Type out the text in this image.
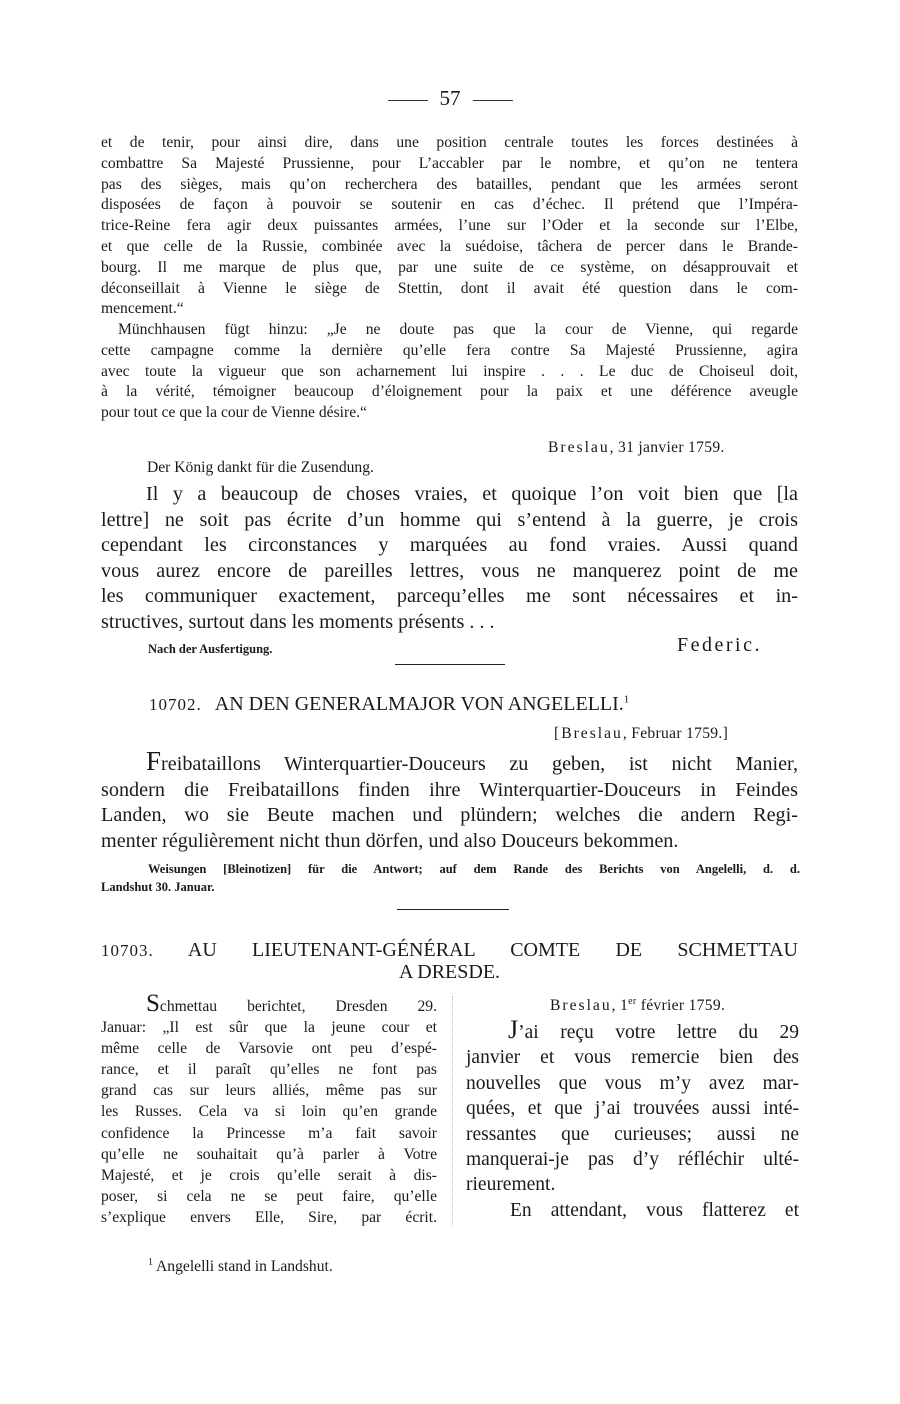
57

et de tenir, pour ainsi dire, dans une position centrale toutes les forces destinées à

combattre Sa Majesté Prussienne, pour L’accabler par le nombre, et qu’on ne tentera

pas des sièges, mais qu’on recherchera des batailles, pendant que les armées seront

disposées de façon à pouvoir se soutenir en cas d’échec. Il prétend que l’Impéra-

trice-Reine fera agir deux puissantes armées, l’une sur l’Oder et la seconde sur l’Elbe,

et que celle de la Russie, combinée avec la suédoise, tâchera de percer dans le Brande-

bourg. Il me marque de plus que, par une suite de ce système, on désapprouvait et

déconseillait à Vienne le siège de Stettin, dont il avait été question dans le com-

mencement.“

Münchhausen fügt hinzu: „Je ne doute pas que la cour de Vienne, qui regarde

cette campagne comme la dernière qu’elle fera contre Sa Majesté Prussienne, agira

avec toute la vigueur que son acharnement lui inspire . . . Le duc de Choiseul doit,

à la vérité, témoigner beaucoup d’éloignement pour la paix et une déférence aveugle

pour tout ce que la cour de Vienne désire.“

Breslau, 31 janvier 1759.

Der König dankt für die Zusendung.

Il y a beaucoup de choses vraies, et quoique l’on voit bien que [la

lettre] ne soit pas écrite d’un homme qui s’entend à la guerre, je crois

cependant les circonstances y marquées au fond vraies. Aussi quand

vous aurez encore de pareilles lettres, vous ne manquerez point de me

les communiquer exactement, parcequ’elles me sont nécessaires et in-

structives, surtout dans les moments présents . . .

Nach der Ausfertigung.	Federic.
10702. AN DEN GENERALMAJOR VON ANGELELLI.$^1$
[Breslau, Februar 1759.]

Freibataillons Winterquartier-Douceurs zu geben, ist nicht Manier,

sondern die Freibataillons finden ihre Winterquartier-Douceurs in Feindes

Landen, wo sie Beute machen und plündern; welches die andern Regi-

menter régulièrement nicht thun dörfen, und also Douceurs bekommen.

Weisungen [Bleinotizen] für die Antwort; auf dem Rande des Berichts von Angelelli, d. d.
Landshut 30. Januar.

10703. AU LIEUTENANT-GÉNÉRAL COMTE DE SCHMETTAU

A DRESDE.

Schmettau berichtet, Dresden 29.

Januar: „Il est sûr que la jeune cour et

même celle de Varsovie ont peu d’espé-

rance, et il paraît qu’elles ne font pas

grand cas sur leurs alliés, même pas sur

les Russes. Cela va si loin qu’en grande

confidence la Princesse m’a fait savoir

qu’elle ne souhaitait qu’à parler à Votre

Majesté, et je crois qu’elle serait à dis-

poser, si cela ne se peut faire, qu’elle

s’explique envers Elle, Sire, par écrit.

Breslau, 1er février 1759.

J’ai reçu votre lettre du 29

janvier et vous remercie bien des

nouvelles que vous m’y avez mar-

quées, et que j’ai trouvées aussi inté-

ressantes que curieuses; aussi ne

manquerai-je pas d’y réfléchir ulté-

rieurement.

En attendant, vous flatterez et

$^1$ Angelelli stand in Landshut.
